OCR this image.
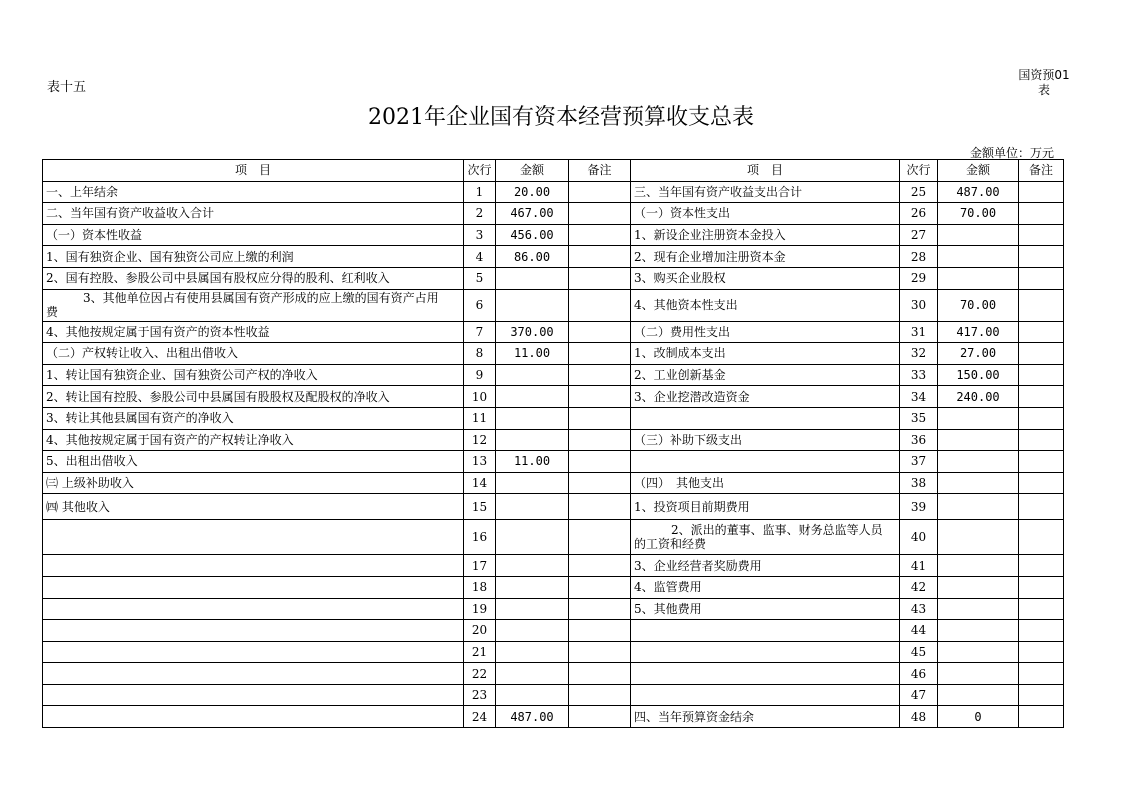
表十五
国资预01
表
2021年企业国有资本经营预算收支总表
金额单位：万元
项　目	次行	金额	备注	项　目	次行	金额	备注
一、上年结余	1	20.00		三、当年国有资产收益支出合计	25	487.00	
二、当年国有资产收益收入合计	2	467.00		（一）资本性支出	26	70.00	
（一）资本性收益	3	456.00		1、新设企业注册资本金投入	27		
1、国有独资企业、国有独资公司应上缴的利润	4	86.00		2、现有企业增加注册资本金	28		
2、国有控股、参股公司中县属国有股权应分得的股利、红利收入	5			3、购买企业股权	29		

3、其他单位因占有使用县属国有资产形成的应上缴的国有资产占用
费	6			4、其他资本性支出	30	70.00	
4、其他按规定属于国有资产的资本性收益	7	370.00		（二）费用性支出	31	417.00	
（二）产权转让收入、出租出借收入	8	11.00		1、改制成本支出	32	27.00	
1、转让国有独资企业、国有独资公司产权的净收入	9			2、工业创新基金	33	150.00	
2、转让国有控股、参股公司中县属国有股股权及配股权的净收入	10			3、企业挖潜改造资金	34	240.00	
3、转让其他县属国有资产的净收入	11				35		
4、其他按规定属于国有资产的产权转让净收入	12			（三）补助下级支出	36		
5、出租出借收入	13	11.00			37		
㈢ 上级补助收入	14			（四）　其他支出	38		
㈣ 其他收入	15			1、投资项目前期费用	39		
	16			2、派出的董事、监事、财务总监等人员
的工资和经费	40		
	17			3、企业经营者奖励费用	41		
	18			4、监管费用	42		
	19			5、其他费用	43		
	20				44		
	21				45		
	22				46		
	23				47		
	24	487.00		四、当年预算资金结余	48	0	
